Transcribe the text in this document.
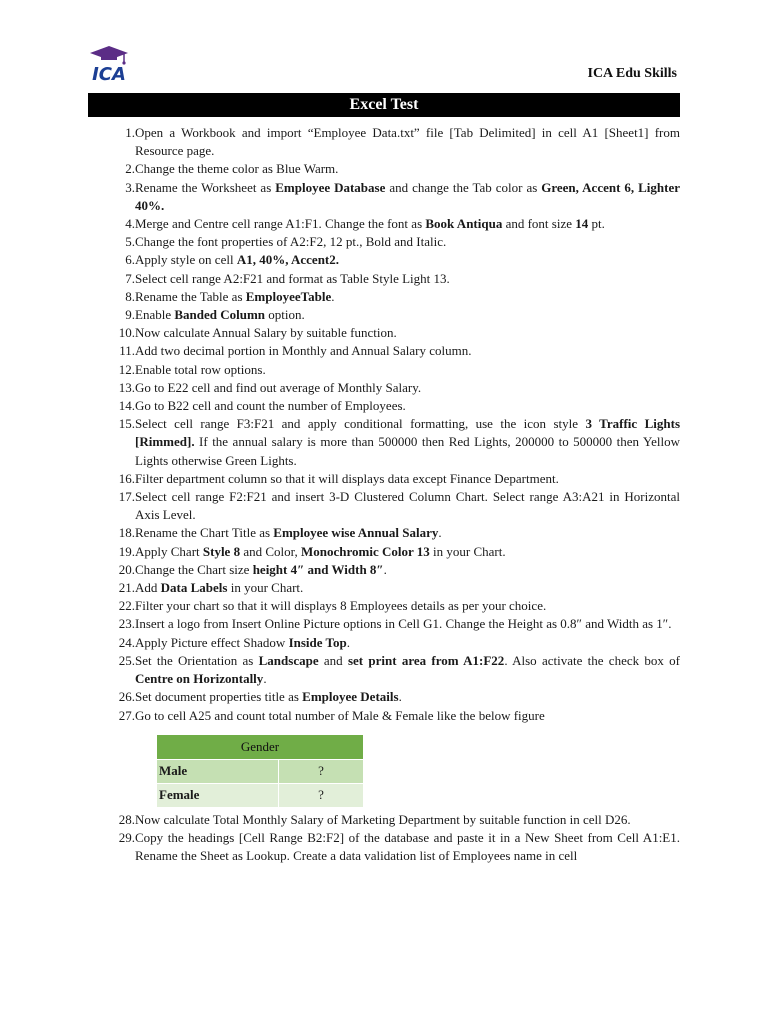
ICA	ICA Edu Skills
Excel Test
1. Open a Workbook and import “Employee Data.txt” file [Tab Delimited] in cell A1 [Sheet1] from Resource page.
2. Change the theme color as Blue Warm.
3. Rename the Worksheet as Employee Database and change the Tab color as Green, Accent 6, Lighter 40%.
4. Merge and Centre cell range A1:F1. Change the font as Book Antiqua and font size 14 pt.
5. Change the font properties of A2:F2, 12 pt., Bold and Italic.
6. Apply style on cell A1, 40%, Accent2.
7. Select cell range A2:F21 and format as Table Style Light 13.
8. Rename the Table as EmployeeTable.
9. Enable Banded Column option.
10. Now calculate Annual Salary by suitable function.
11. Add two decimal portion in Monthly and Annual Salary column.
12. Enable total row options.
13. Go to E22 cell and find out average of Monthly Salary.
14. Go to B22 cell and count the number of Employees.
15. Select cell range F3:F21 and apply conditional formatting, use the icon style 3 Traffic Lights [Rimmed]. If the annual salary is more than 500000 then Red Lights, 200000 to 500000 then Yellow Lights otherwise Green Lights.
16. Filter department column so that it will displays data except Finance Department.
17. Select cell range F2:F21 and insert 3-D Clustered Column Chart. Select range A3:A21 in Horizontal Axis Level.
18. Rename the Chart Title as Employee wise Annual Salary.
19. Apply Chart Style 8 and Color, Monochromic Color 13 in your Chart.
20. Change the Chart size height 4″ and Width 8″.
21. Add Data Labels in your Chart.
22. Filter your chart so that it will displays 8 Employees details as per your choice.
23. Insert a logo from Insert Online Picture options in Cell G1. Change the Height as 0.8″ and Width as 1″.
24. Apply Picture effect Shadow Inside Top.
25. Set the Orientation as Landscape and set print area from A1:F22. Also activate the check box of Centre on Horizontally.
26. Set document properties title as Employee Details.
27. Go to cell A25 and count total number of Male & Female like the below figure
Gender	
Male	?
Female	?
28. Now calculate Total Monthly Salary of Marketing Department by suitable function in cell D26.
29. Copy the headings [Cell Range B2:F2] of the database and paste it in a New Sheet from Cell A1:E1. Rename the Sheet as Lookup. Create a data validation list of Employees name in cell
